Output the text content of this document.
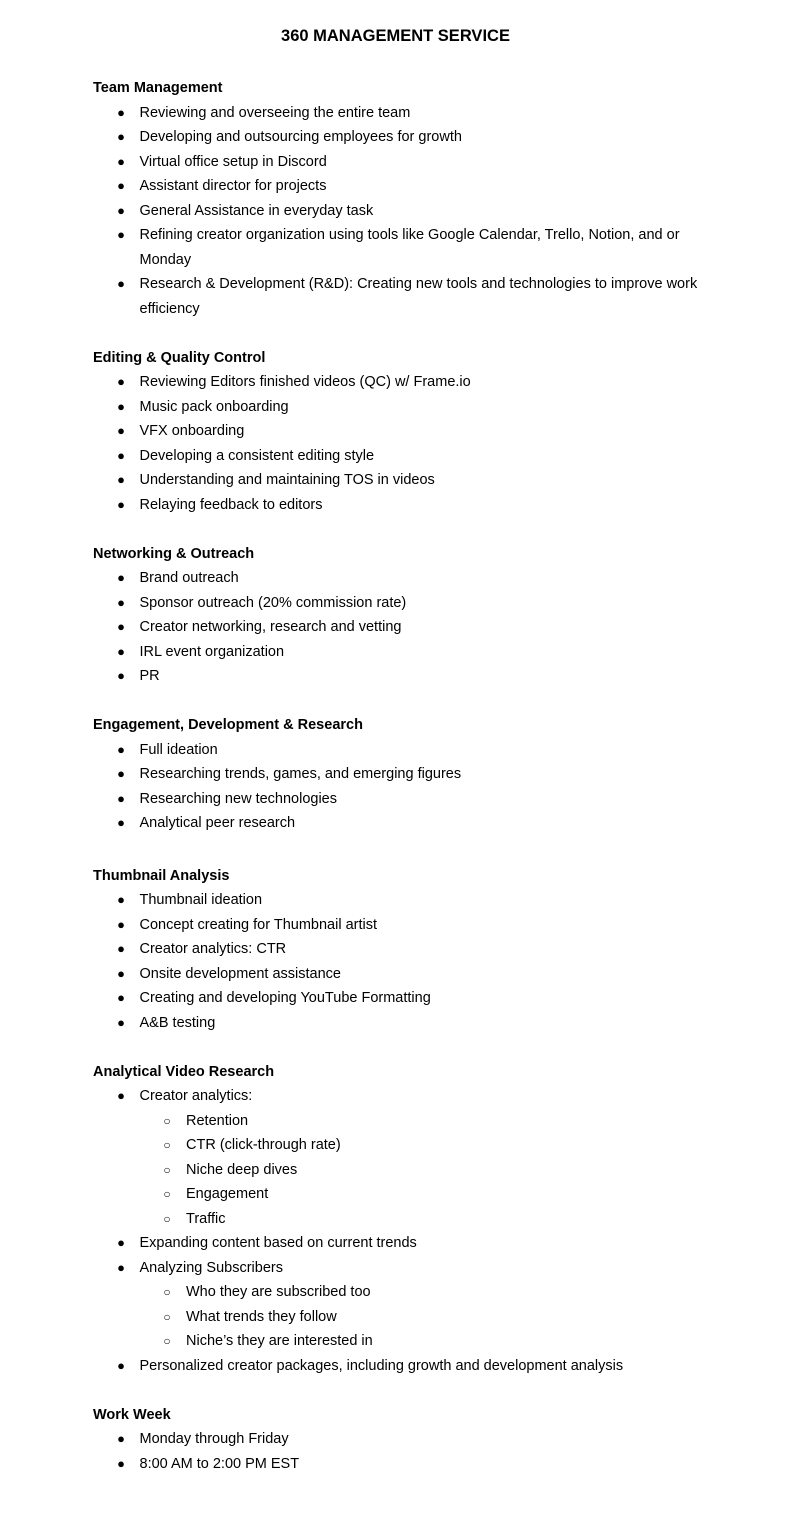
360 MANAGEMENT SERVICE
Team Management
● Reviewing and overseeing the entire team
● Developing and outsourcing employees for growth
● Virtual office setup in Discord
● Assistant director for projects
● General Assistance in everyday task
● Refining creator organization using tools like Google Calendar, Trello, Notion, and or Monday
● Research & Development (R&D): Creating new tools and technologies to improve work efficiency
Editing & Quality Control
● Reviewing Editors finished videos (QC) w/ Frame.io
● Music pack onboarding
● VFX onboarding
● Developing a consistent editing style
● Understanding and maintaining TOS in videos
● Relaying feedback to editors
Networking & Outreach
● Brand outreach
● Sponsor outreach (20% commission rate)
● Creator networking, research and vetting
● IRL event organization
● PR
Engagement, Development & Research
● Full ideation
● Researching trends, games, and emerging figures
● Researching new technologies
● Analytical peer research
Thumbnail Analysis
● Thumbnail ideation
● Concept creating for Thumbnail artist
● Creator analytics: CTR
● Onsite development assistance
● Creating and developing YouTube Formatting
● A&B testing
Analytical Video Research
● Creator analytics:
○ Retention
○ CTR (click-through rate)
○ Niche deep dives
○ Engagement
○ Traffic
● Expanding content based on current trends
● Analyzing Subscribers
○ Who they are subscribed too
○ What trends they follow
○ Niche’s they are interested in
● Personalized creator packages, including growth and development analysis
Work Week
● Monday through Friday
● 8:00 AM to 2:00 PM EST
